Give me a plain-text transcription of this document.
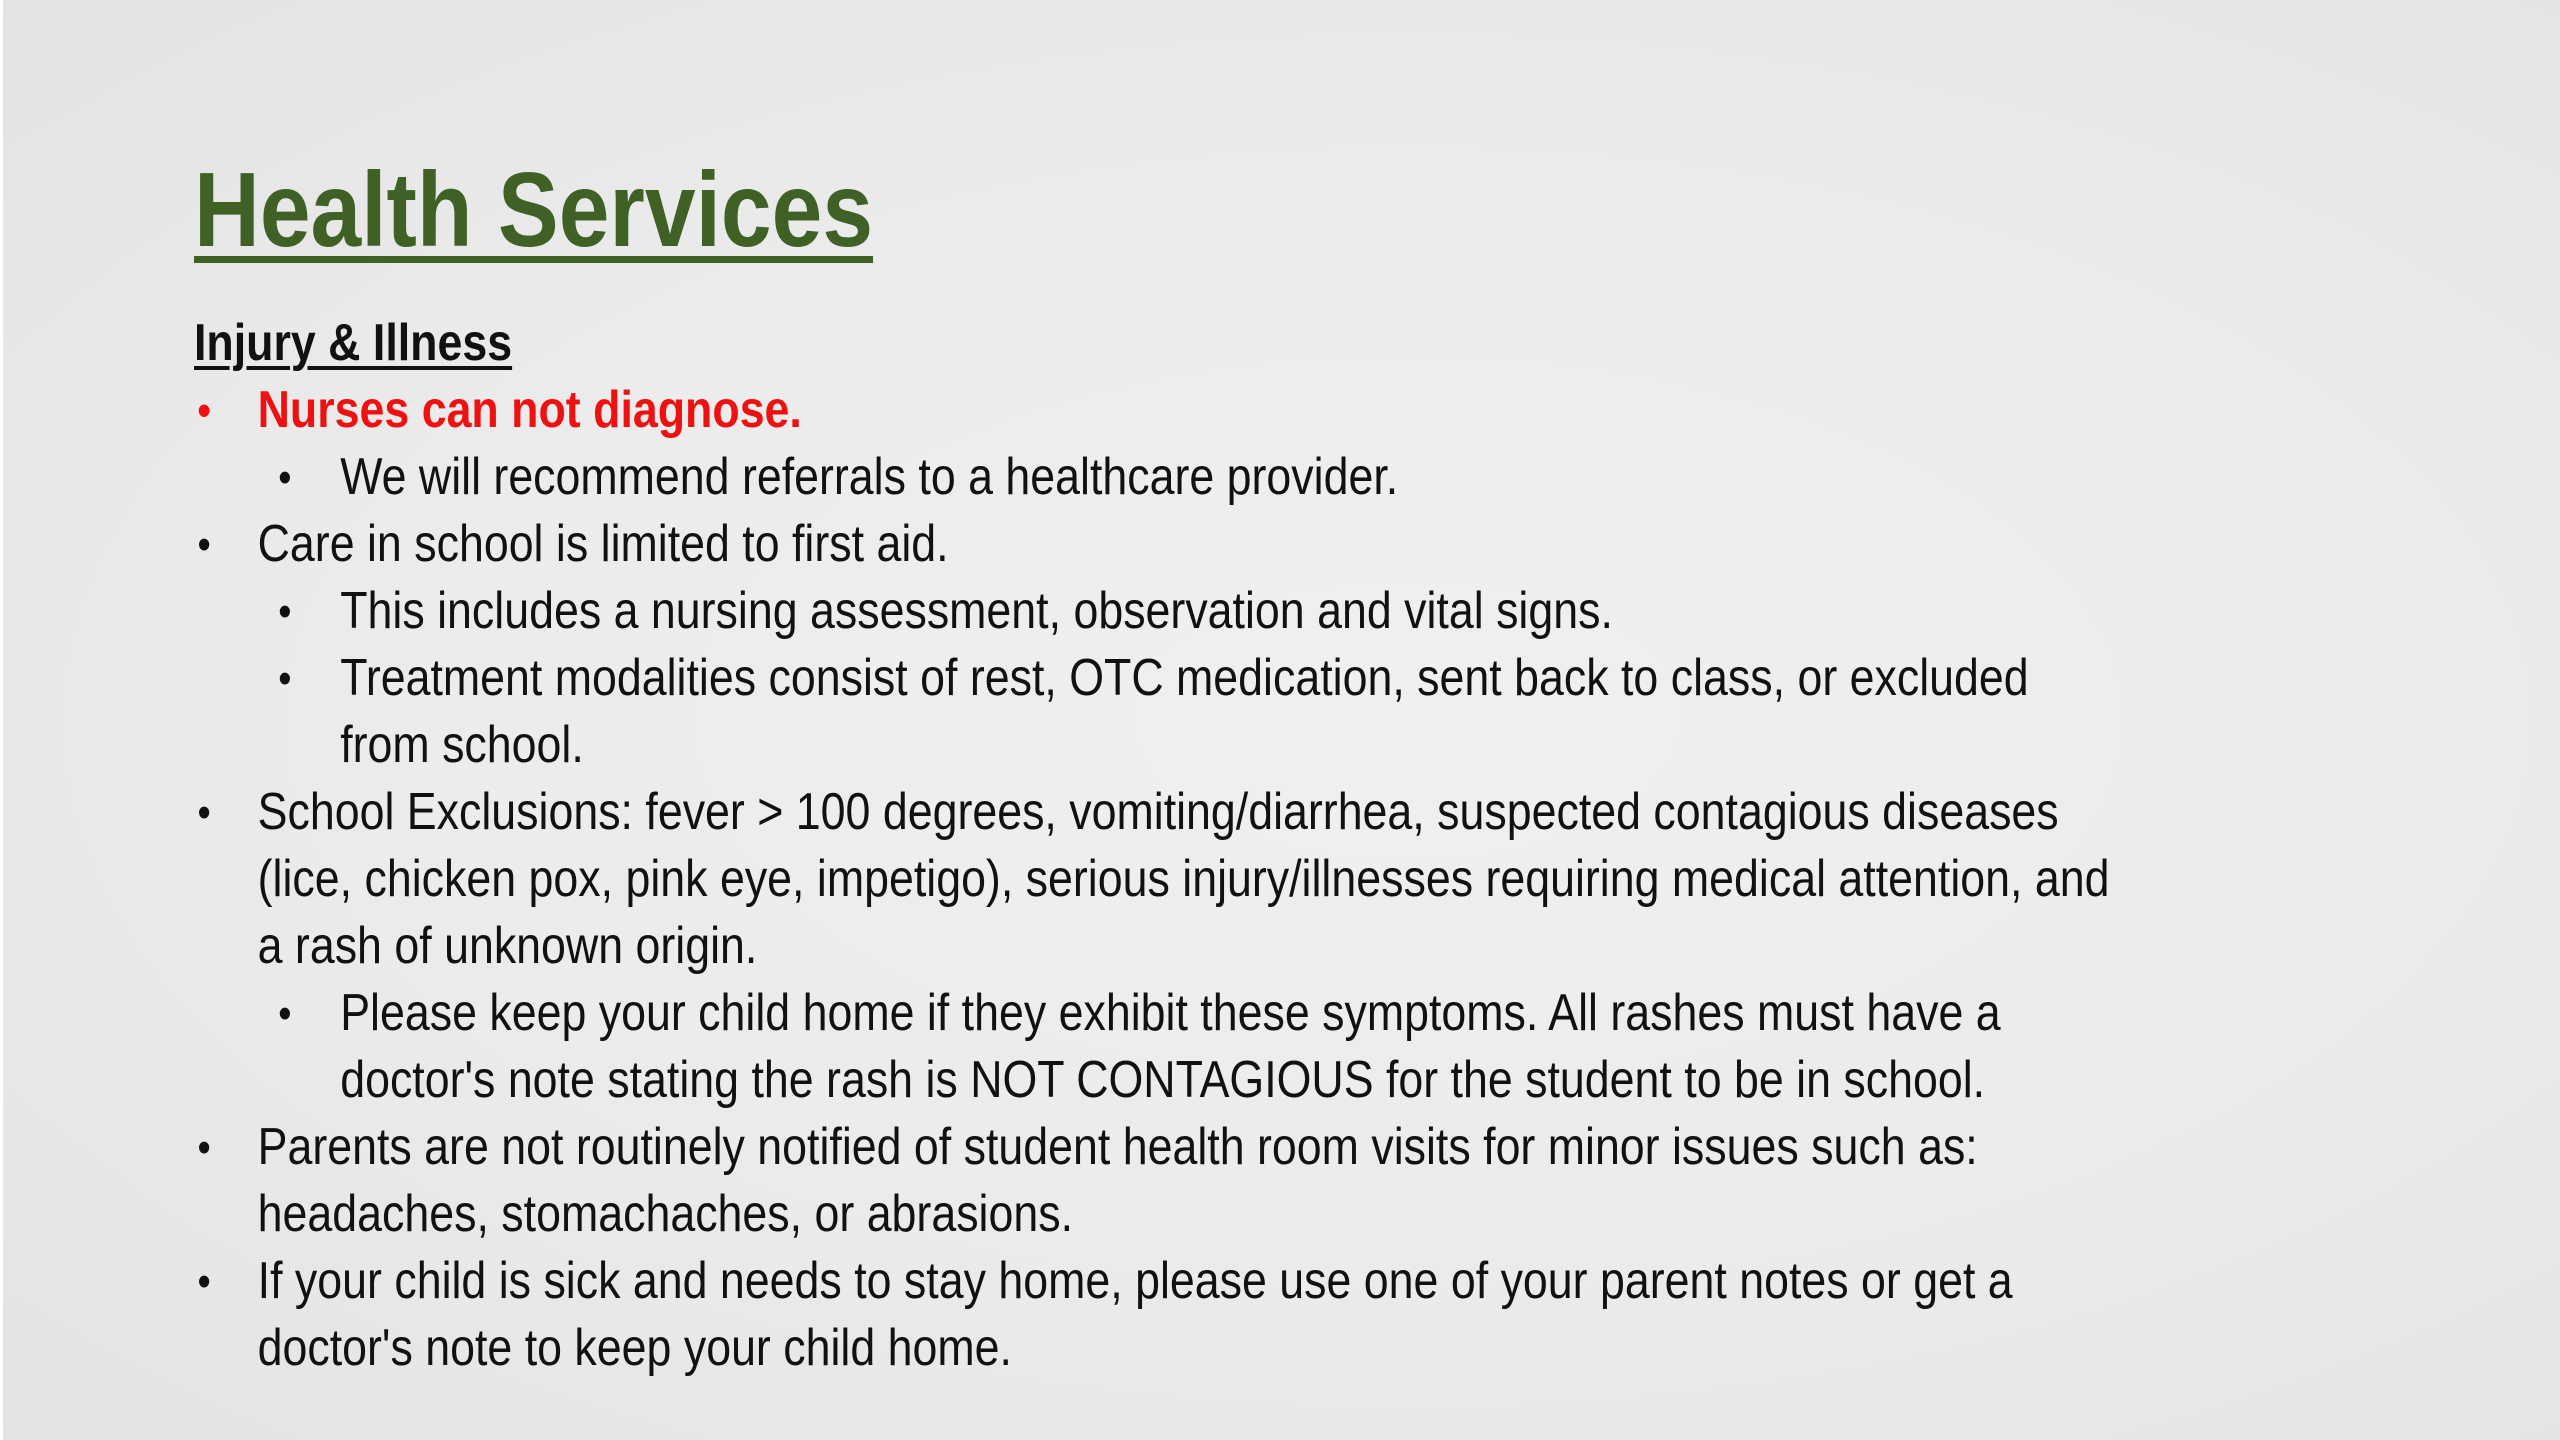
Health Services
Injury & Illness
• Nurses can not diagnose.
• We will recommend referrals to a healthcare provider.
• Care in school is limited to first aid.
• This includes a nursing assessment, observation and vital signs.
• Treatment modalities consist of rest, OTC medication, sent back to class, or excluded from school.
• School Exclusions: fever > 100 degrees, vomiting/diarrhea, suspected contagious diseases (lice, chicken pox, pink eye, impetigo), serious injury/illnesses requiring medical attention, and a rash of unknown origin.
• Please keep your child home if they exhibit these symptoms. All rashes must have a doctor's note stating the rash is NOT CONTAGIOUS for the student to be in school.
• Parents are not routinely notified of student health room visits for minor issues such as: headaches, stomachaches, or abrasions.
• If your child is sick and needs to stay home, please use one of your parent notes or get a doctor's note to keep your child home.
